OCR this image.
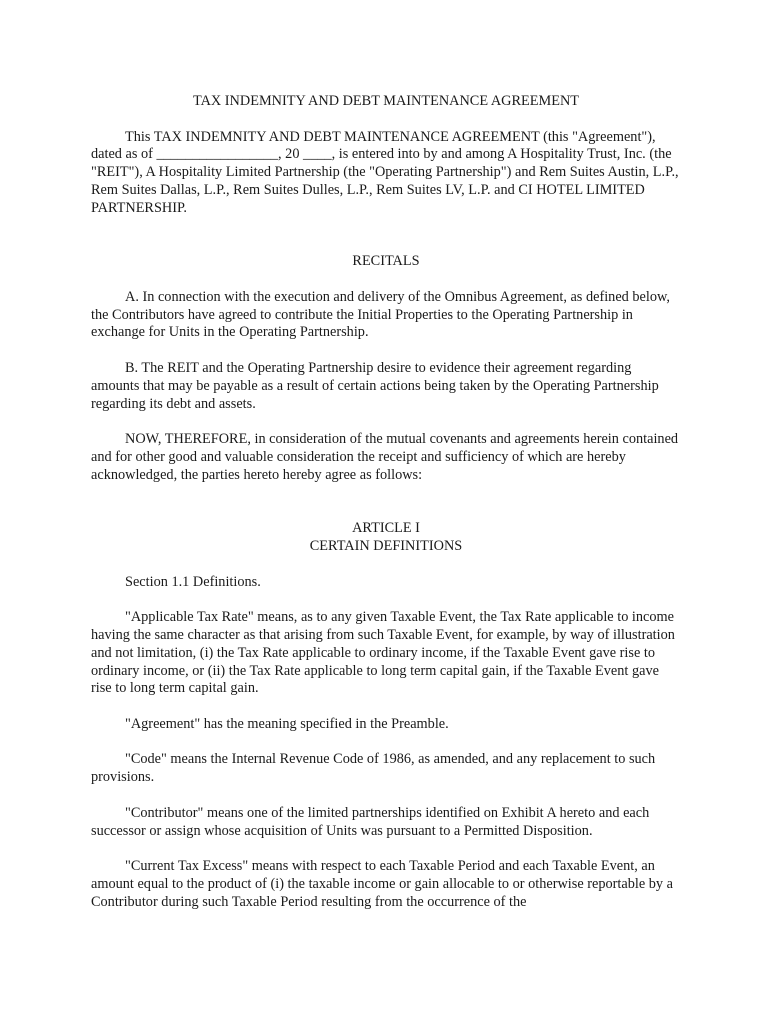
TAX INDEMNITY AND DEBT MAINTENANCE AGREEMENT

This TAX INDEMNITY AND DEBT MAINTENANCE AGREEMENT (this "Agreement"), dated as of _________________, 20 ____, is entered into by and among A Hospitality Trust, Inc. (the "REIT"), A Hospitality Limited Partnership (the "Operating Partnership") and Rem Suites Austin, L.P., Rem Suites Dallas, L.P., Rem Suites Dulles, L.P., Rem Suites LV, L.P. and CI HOTEL LIMITED PARTNERSHIP.

RECITALS

A. In connection with the execution and delivery of the Omnibus Agreement, as defined below, the Contributors have agreed to contribute the Initial Properties to the Operating Partnership in exchange for Units in the Operating Partnership.

B. The REIT and the Operating Partnership desire to evidence their agreement regarding amounts that may be payable as a result of certain actions being taken by the Operating Partnership regarding its debt and assets.

NOW, THEREFORE, in consideration of the mutual covenants and agreements herein contained and for other good and valuable consideration the receipt and sufficiency of which are hereby acknowledged, the parties hereto hereby agree as follows:

ARTICLE I
CERTAIN DEFINITIONS

Section 1.1 Definitions.

"Applicable Tax Rate" means, as to any given Taxable Event, the Tax Rate applicable to income having the same character as that arising from such Taxable Event, for example, by way of illustration and not limitation, (i) the Tax Rate applicable to ordinary income, if the Taxable Event gave rise to ordinary income, or (ii) the Tax Rate applicable to long term capital gain, if the Taxable Event gave rise to long term capital gain.

"Agreement" has the meaning specified in the Preamble.

"Code" means the Internal Revenue Code of 1986, as amended, and any replacement to such provisions.

"Contributor" means one of the limited partnerships identified on Exhibit A hereto and each successor or assign whose acquisition of Units was pursuant to a Permitted Disposition.

"Current Tax Excess" means with respect to each Taxable Period and each Taxable Event, an amount equal to the product of (i) the taxable income or gain allocable to or otherwise reportable by a Contributor during such Taxable Period resulting from the occurrence of the
